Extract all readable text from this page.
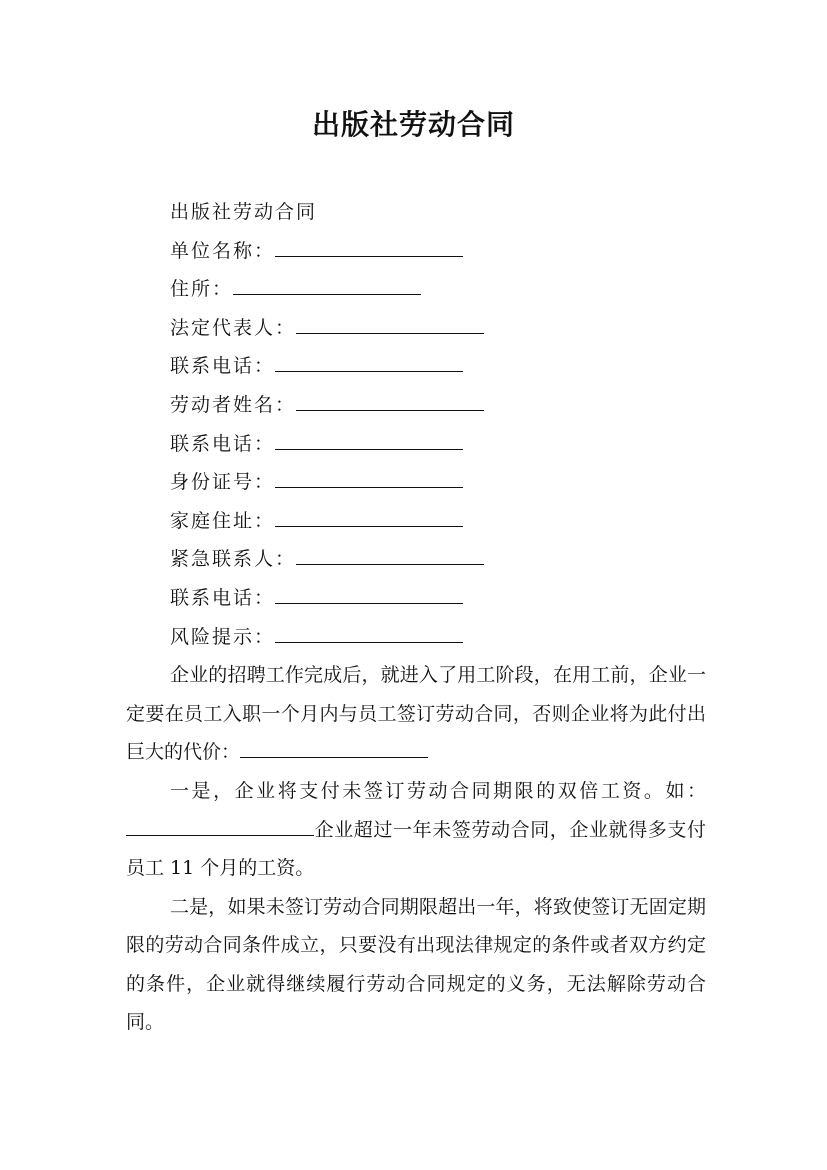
出版社劳动合同
出版社劳动合同
单位名称：
住所：
法定代表人：
联系电话：
劳动者姓名：
联系电话：
身份证号：
家庭住址：
紧急联系人：
联系电话：
风险提示：
企业的招聘工作完成后，就进入了用工阶段，在用工前，企业一定要在员工入职一个月内与员工签订劳动合同，否则企业将为此付出巨大的代价：
一是，企业将支付未签订劳动合同期限的双倍工资。如：企业超过一年未签劳动合同，企业就得多支付员工 11 个月的工资。
二是，如果未签订劳动合同期限超出一年，将致使签订无固定期限的劳动合同条件成立，只要没有出现法律规定的条件或者双方约定的条件，企业就得继续履行劳动合同规定的义务，无法解除劳动合同。
